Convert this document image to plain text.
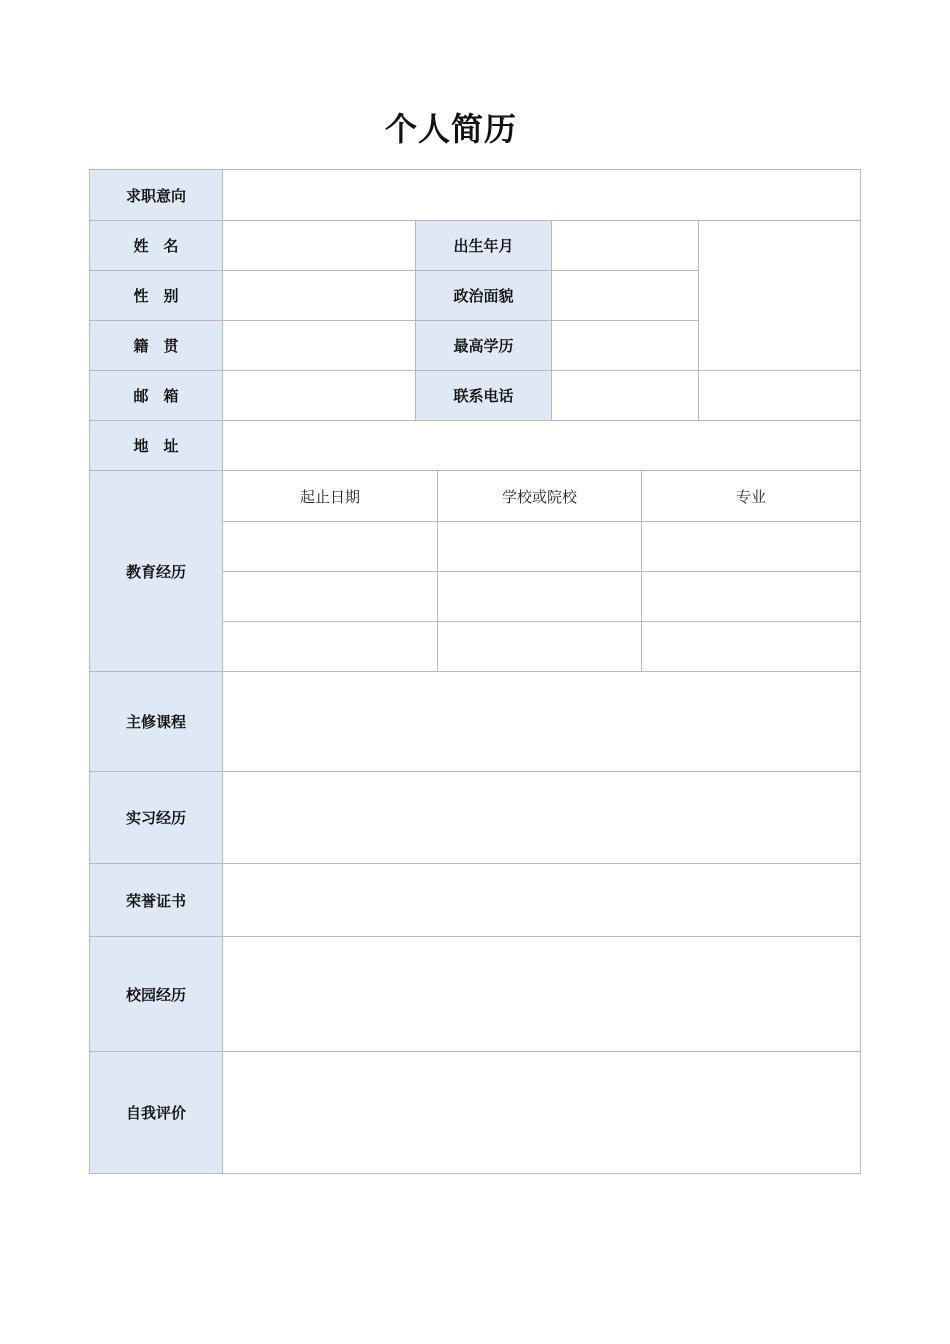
个人简历
求职意向
姓　名	出生年月
性　别	政治面貌
籍　贯	最高学历
邮　箱	联系电话
地　址
教育经历
起止日期	学校或院校	专业
主修课程
实习经历
荣誉证书
校园经历
自我评价
